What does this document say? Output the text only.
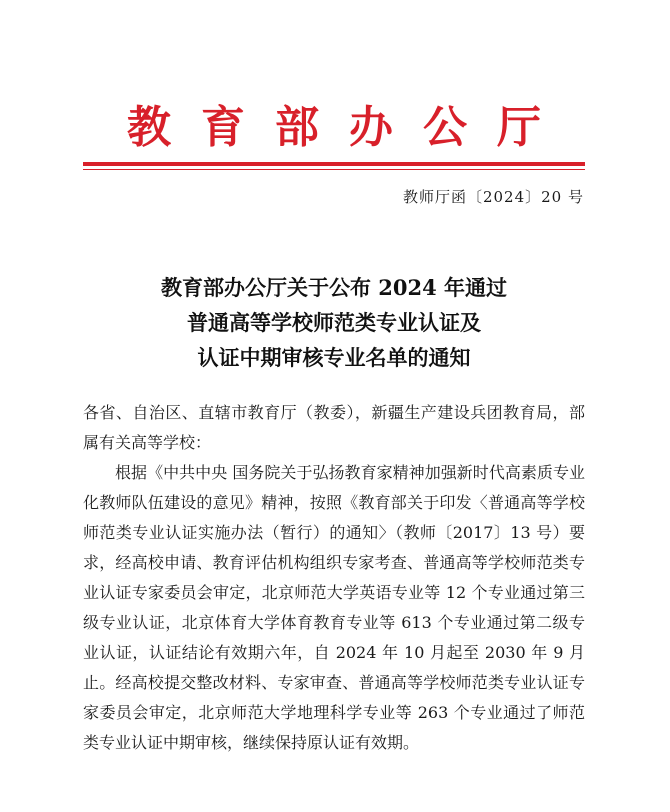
教 育 部 办 公 厅
教师厅函〔2024〕20 号
教育部办公厅关于公布 2024 年通过
普通高等学校师范类专业认证及
认证中期审核专业名单的通知

各省、自治区、直辖市教育厅（教委），新疆生产建设兵团教育局，部属有关高等学校：

根据《中共中央 国务院关于弘扬教育家精神加强新时代高素质专业化教师队伍建设的意见》精神，按照《教育部关于印发〈普通高等学校师范类专业认证实施办法（暂行）的通知〉（教师〔2017〕13 号）要求，经高校申请、教育评估机构组织专家考查、普通高等学校师范类专业认证专家委员会审定，北京师范大学英语专业等 12 个专业通过第三级专业认证，北京体育大学体育教育专业等 613 个专业通过第二级专业认证，认证结论有效期六年，自 2024 年 10 月起至 2030 年 9 月止。经高校提交整改材料、专家审查、普通高等学校师范类专业认证专家委员会审定，北京师范大学地理科学专业等 263 个专业通过了师范类专业认证中期审核，继续保持原认证有效期。
